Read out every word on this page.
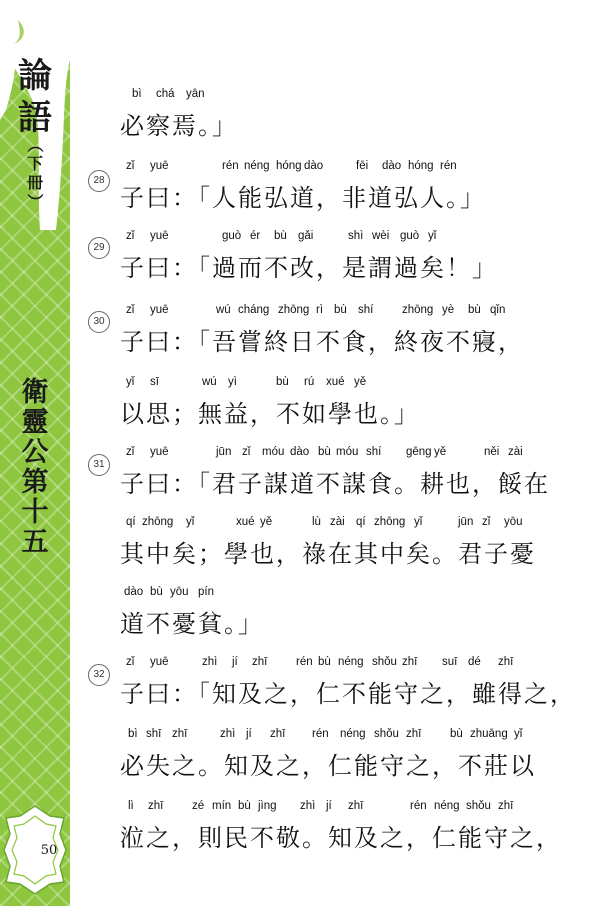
論
語
（
下
冊
）
衛
靈
公
第
十
五
50
28
29
30
31
32
bì chá yān
必察焉。」
zǐ yuē	rén néng hóng dào	fēi dào hóng rén
子曰：「人能弘道，非道弘人。」
zǐ yuē	guò ér bù gǎi	shì wèi guò yǐ
子曰：「過而不改，是謂過矣！」
zǐ yuē	wú cháng zhōng rì bù shí zhōng yè bù qǐn
子曰：「吾嘗終日不食，終夜不寢，
yǐ sī	wú yì	bù rú xué yě
以思；無益，不如學也。」
zǐ yuē	jūn zǐ móu dào bù móu shí gēng yě	něi zài
子曰：「君子謀道不謀食。耕也，餒在
qí zhōng yǐ	xué yě	lù zài qí zhōng yǐ	jūn zǐ yōu
其中矣；學也，祿在其中矣。君子憂
dào bù yōu pín
道不憂貧。」
zǐ yuē	zhì jí zhī rén bù néng shǒu zhī suī dé zhī
子曰：「知及之，仁不能守之，雖得之，
bì shī zhī	zhì jí zhī rén néng shǒu zhī bù zhuāng yǐ
必失之。知及之，仁能守之，不莊以
lì zhī zé mín bù jìng zhì jí zhī	rén néng shǒu zhī
涖之，則民不敬。知及之，仁能守之，
